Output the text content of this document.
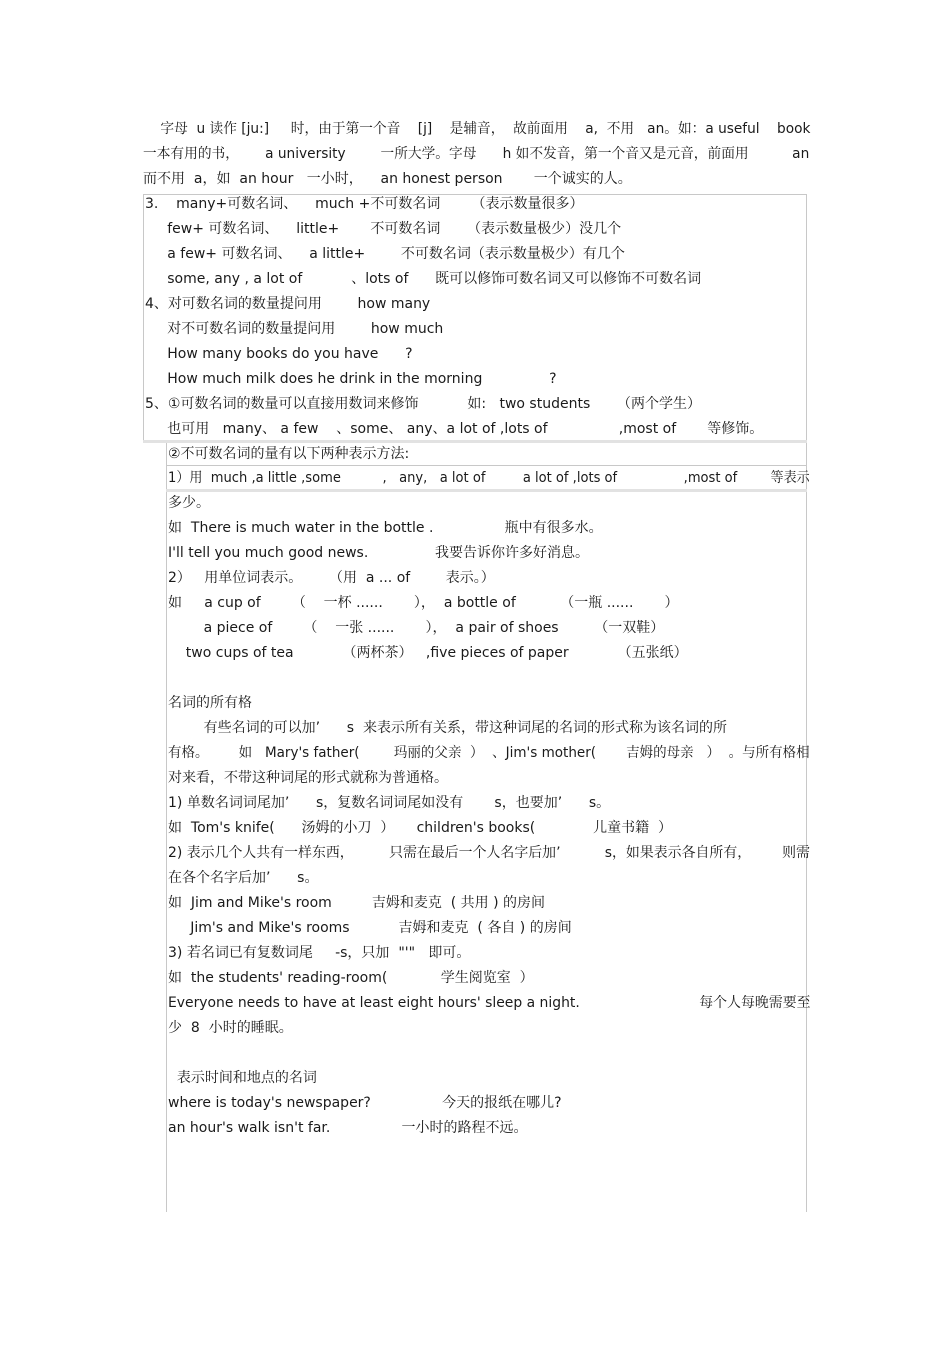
字母  u 读作 [ju:]     时，由于第一个音    [j]    是辅音，  故前面用    a,  不用   an。如：a useful    book
一本有用的书，      a university        一所大学。字母      h 如不发音，第一个音又是元音，前面用          an
而不用  a，如  an hour   一小时，    an honest person       一个诚实的人。
3.    many+可数名词、    much +不可数名词       （表示数量很多）
few+ 可数名词、    little+       不可数名词      （表示数量极少）没几个
a few+ 可数名词、    a little+        不可数名词（表示数量极少）有几个
some, any , a lot of           、lots of      既可以修饰可数名词又可以修饰不可数名词
4、对可数名词的数量提问用        how many
对不可数名词的数量提问用        how much
How many books do you have      ?
How much milk does he drink in the morning               ?
5、①可数名词的数量可以直接用数词来修饰           如:   two students      （两个学生）
也可用   many、 a few    、some、 any、a lot of ,lots of                ,most of       等修饰。
②不可数名词的量有以下两种表示方法:
1）用  much ,a little ,some          ,   any,   a lot of         a lot of ,lots of                ,most of        等表示
多少。
如  There is much water in the bottle .                瓶中有很多水。
I'll tell you much good news.               我要告诉你许多好消息。
2）   用单位词表示。      （用  a ... of        表示。）
如     a cup of       （    一杯 ......       ），  a bottle of          （一瓶 ......       ）
a piece of       （    一张 ......       ），  a pair of shoes        （一双鞋）
two cups of tea           （两杯茶）   ,five pieces of paper           （五张纸）
名词的所有格
有些名词的可以加’      s  来表示所有关系，带这种词尾的名词的形式称为该名词的所
有格。       如   Mary's father(        玛丽的父亲  ）  、Jim's mother(       吉姆的母亲   ）  。与所有格相
对来看，不带这种词尾的形式就称为普通格。
1) 单数名词词尾加’      s，复数名词词尾如没有       s，也要加’      s。
如  Tom's knife(      汤姆的小刀  ）     children's books(             儿童书籍  ）
2) 表示几个人共有一样东西，        只需在最后一个人名字后加’          s，如果表示各自所有，       则需
在各个名字后加’      s。
如  Jim and Mike's room         吉姆和麦克  ( 共用 ) 的房间
Jim's and Mike's rooms           吉姆和麦克  ( 各自 ) 的房间
3) 若名词已有复数词尾     -s，只加  "'"   即可。
如  the students' reading-room(            学生阅览室  ）
Everyone needs to have at least eight hours' sleep a night.                           每个人每晚需要至
少  8  小时的睡眠。
表示时间和地点的名词
where is today's newspaper?                今天的报纸在哪儿?
an hour's walk isn't far.                一小时的路程不远。
